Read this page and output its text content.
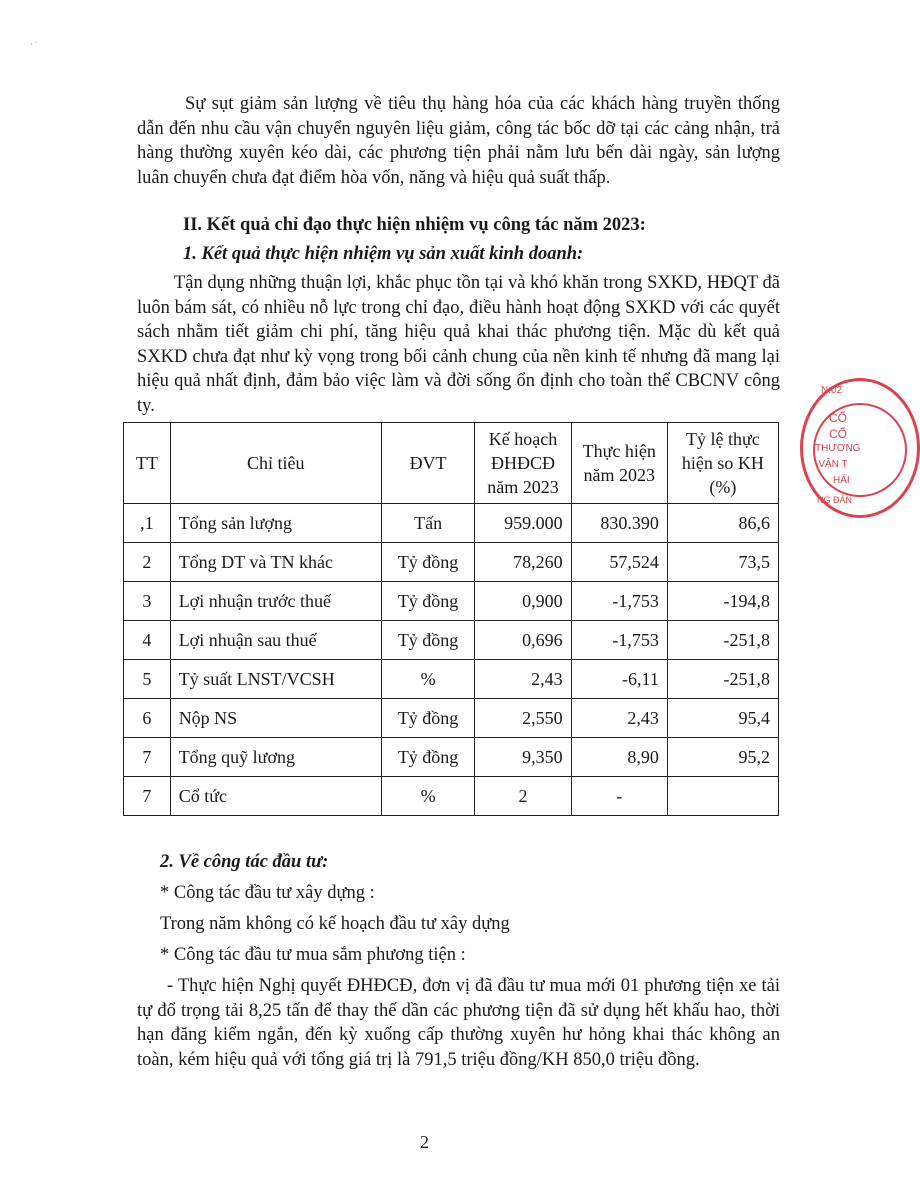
· ˙

Sự sụt giảm sản lượng về tiêu thụ hàng hóa của các khách hàng truyền thống dẫn đến nhu cầu vận chuyển nguyên liệu giảm, công tác bốc dỡ tại các cảng nhận, trả hàng thường xuyên kéo dài, các phương tiện phải nằm lưu bến dài ngày, sản lượng luân chuyển chưa đạt điểm hòa vốn, năng và hiệu quả suất thấp.

II. Kết quả chỉ đạo thực hiện nhiệm vụ công tác năm 2023:

1. Kết quả thực hiện nhiệm vụ sản xuất kinh doanh:

Tận dụng những thuận lợi, khắc phục tồn tại và khó khăn trong SXKD, HĐQT đã luôn bám sát, có nhiều nỗ lực trong chỉ đạo, điều hành hoạt động SXKD với các quyết sách nhằm tiết giảm chi phí, tăng hiệu quả khai thác phương tiện. Mặc dù kết quả SXKD chưa đạt như kỳ vọng trong bối cảnh chung của nền kinh tế nhưng đã mang lại hiệu quả nhất định, đảm bảo việc làm và đời sống ổn định cho toàn thể CBCNV công ty.

TT	Chỉ tiêu	ĐVT	Kế hoạch
ĐHĐCĐ
năm 2023	Thực hiện
năm 2023	Tỷ lệ thực
hiện so KH
(%)
,1	Tổng sản lượng	Tấn	959.000	830.390	86,6
2	Tổng DT và TN khác	Tỷ đồng	78,260	57,524	73,5
3	Lợi nhuận trước thuế	Tỷ đồng	0,900	-1,753	-194,8
4	Lợi nhuận sau thuế	Tỷ đồng	0,696	-1,753	-251,8
5	Tỷ suất LNST/VCSH	%	2,43	-6,11	-251,8
6	Nộp NS	Tỷ đồng	2,550	2,43	95,4
7	Tổng quỹ lương	Tỷ đồng	9,350	8,90	95,2
7	Cổ tức	%	2	-	

2. Về công tác đầu tư:

* Công tác đầu tư xây dựng :

Trong năm không có kế hoạch đầu tư xây dựng

* Công tác đầu tư mua sắm phương tiện :

- Thực hiện Nghị quyết ĐHĐCĐ, đơn vị đã đầu tư mua mới 01 phương tiện xe tải tự đổ trọng tải 8,25 tấn để thay thế dần các phương tiện đã sử dụng hết khấu hao, thời hạn đăng kiểm ngắn, đến kỳ xuống cấp thường xuyên hư hỏng khai thác không an toàn, kém hiệu quả với tổng giá trị là 791,5 triệu đồng/KH 850,0 triệu đồng.

2
N:02
CỔ
CỔ
THƯƠNG
-VẬN T
HẢI
NG ĐẢN
